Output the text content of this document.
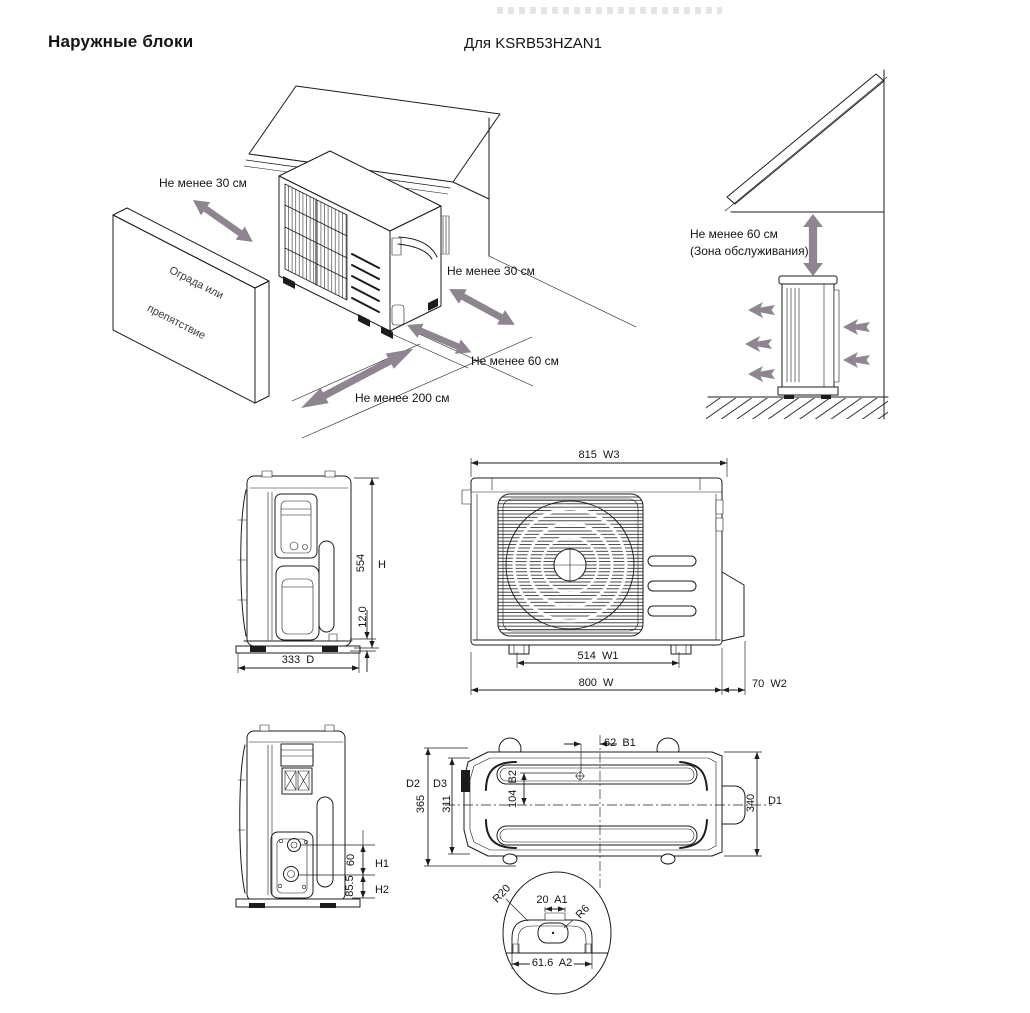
Наружные блоки	Для KSRB53HZAN1
Не менее 30 см
Не менее 30 см
Не менее 60 см
Не менее 200 см

Ограда или

препятствие

Не менее 60 см
(Зона обслуживания)
554 H
12.0
333  D
815  W3
514  W1
800  W	70  W2
60 H1
85.5 H2
62  B1
D2
365
D3
311	340 D1
104  B2
R20 20  A1
R6
61.6  A2
